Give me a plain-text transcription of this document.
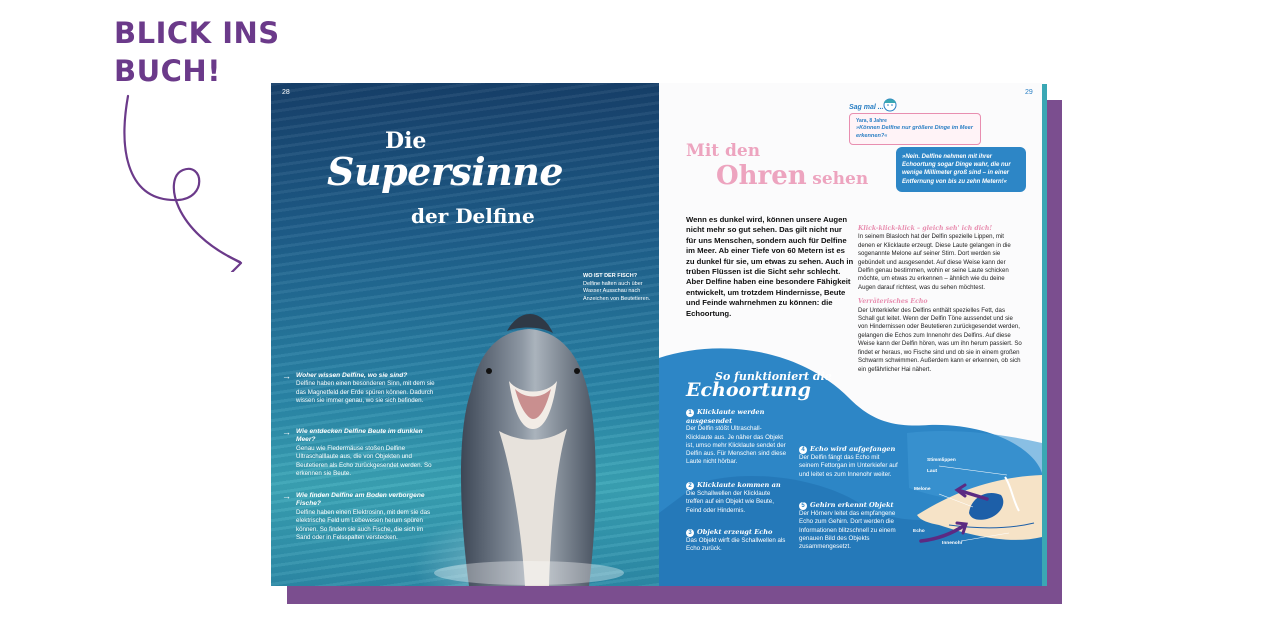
BLICK INS
BUCH!
28
Die
Supersinne
der Delfine
WO IST DER FISCH?
Delfine halten auch über Wasser Ausschau nach Anzeichen von Beutetieren.
→ Woher wissen Delfine, wo sie sind?
Delfine haben einen besonderen Sinn, mit dem sie das Magnetfeld der Erde spüren können. Dadurch wissen sie immer genau, wo sie sich befinden.
→ Wie entdecken Delfine Beute im dunklen Meer?
Genau wie Fledermäuse stoßen Delfine Ultraschalllaute aus, die von Objekten und Beutetieren als Echo zurückgesendet werden. So erkennen sie Beute.
→ Wie finden Delfine am Boden verborgene Fische?
Delfine haben einen Elektrosinn, mit dem sie das elektrische Feld um Lebewesen herum spüren können. So finden sie auch Fische, die sich im Sand oder in Felsspalten verstecken.
29
Mit den
Ohren sehen
Sag mal ...
Yara, 8 Jahre
»Können Delfine nur größere Dinge im Meer erkennen?«
»Nein. Delfine nehmen mit ihrer Echoortung sogar Dinge wahr, die nur wenige Millimeter groß sind – in einer Entfernung von bis zu zehn Metern!«
Wenn es dunkel wird, können unsere Augen nicht mehr so gut sehen. Das gilt nicht nur für uns Menschen, sondern auch für Delfine im Meer. Ab einer Tiefe von 60 Metern ist es zu dunkel für sie, um etwas zu sehen. Auch in trüben Flüssen ist die Sicht sehr schlecht. Aber Delfine haben eine besondere Fähigkeit entwickelt, um trotzdem Hindernisse, Beute und Feinde wahrnehmen zu können: die Echoortung.
Klick-klick-klick – gleich seh' ich dich!
In seinem Blasloch hat der Delfin spezielle Lippen, mit denen er Klicklaute erzeugt. Diese Laute gelangen in die sogenannte Melone auf seiner Stirn. Dort werden sie gebündelt und ausgesendet. Auf diese Weise kann der Delfin genau bestimmen, wohin er seine Laute schicken möchte, um etwas zu erkennen – ähnlich wie du deine Augen darauf richtest, was du sehen möchtest.
Verräterisches Echo
Der Unterkiefer des Delfins enthält spezielles Fett, das Schall gut leitet. Wenn der Delfin Töne aussendet und sie von Hindernissen oder Beutetieren zurückgesendet werden, gelangen die Echos zum Innenohr des Delfins. Auf diese Weise kann der Delfin hören, was um ihn herum passiert. So findet er heraus, wo Fische sind und ob sie in einem großen Schwarm schwimmen. Außerdem kann er erkennen, ob sich ein gefährlicher Hai nähert.
So funktioniert die
Echoortung
1 Klicklaute werden ausgesendet
Der Delfin stößt Ultraschall-Klicklaute aus. Je näher das Objekt ist, umso mehr Klicklaute sendet der Delfin aus. Für Menschen sind diese Laute nicht hörbar.
2 Klicklaute kommen an
Die Schallwellen der Klicklaute treffen auf ein Objekt wie Beute, Feind oder Hindernis.
3 Objekt erzeugt Echo
Das Objekt wirft die Schallwellen als Echo zurück.
4 Echo wird aufgefangen
Der Delfin fängt das Echo mit seinem Fettorgan im Unterkiefer auf und leitet es zum Innenohr weiter.
5 Gehirn erkennt Objekt
Der Hörnerv leitet das empfangene Echo zum Gehirn. Dort werden die Informationen blitzschnell zu einem genauen Bild des Objekts zusammengesetzt.
Stimmlippen
Laut
Melone
Echo
Innenohr
